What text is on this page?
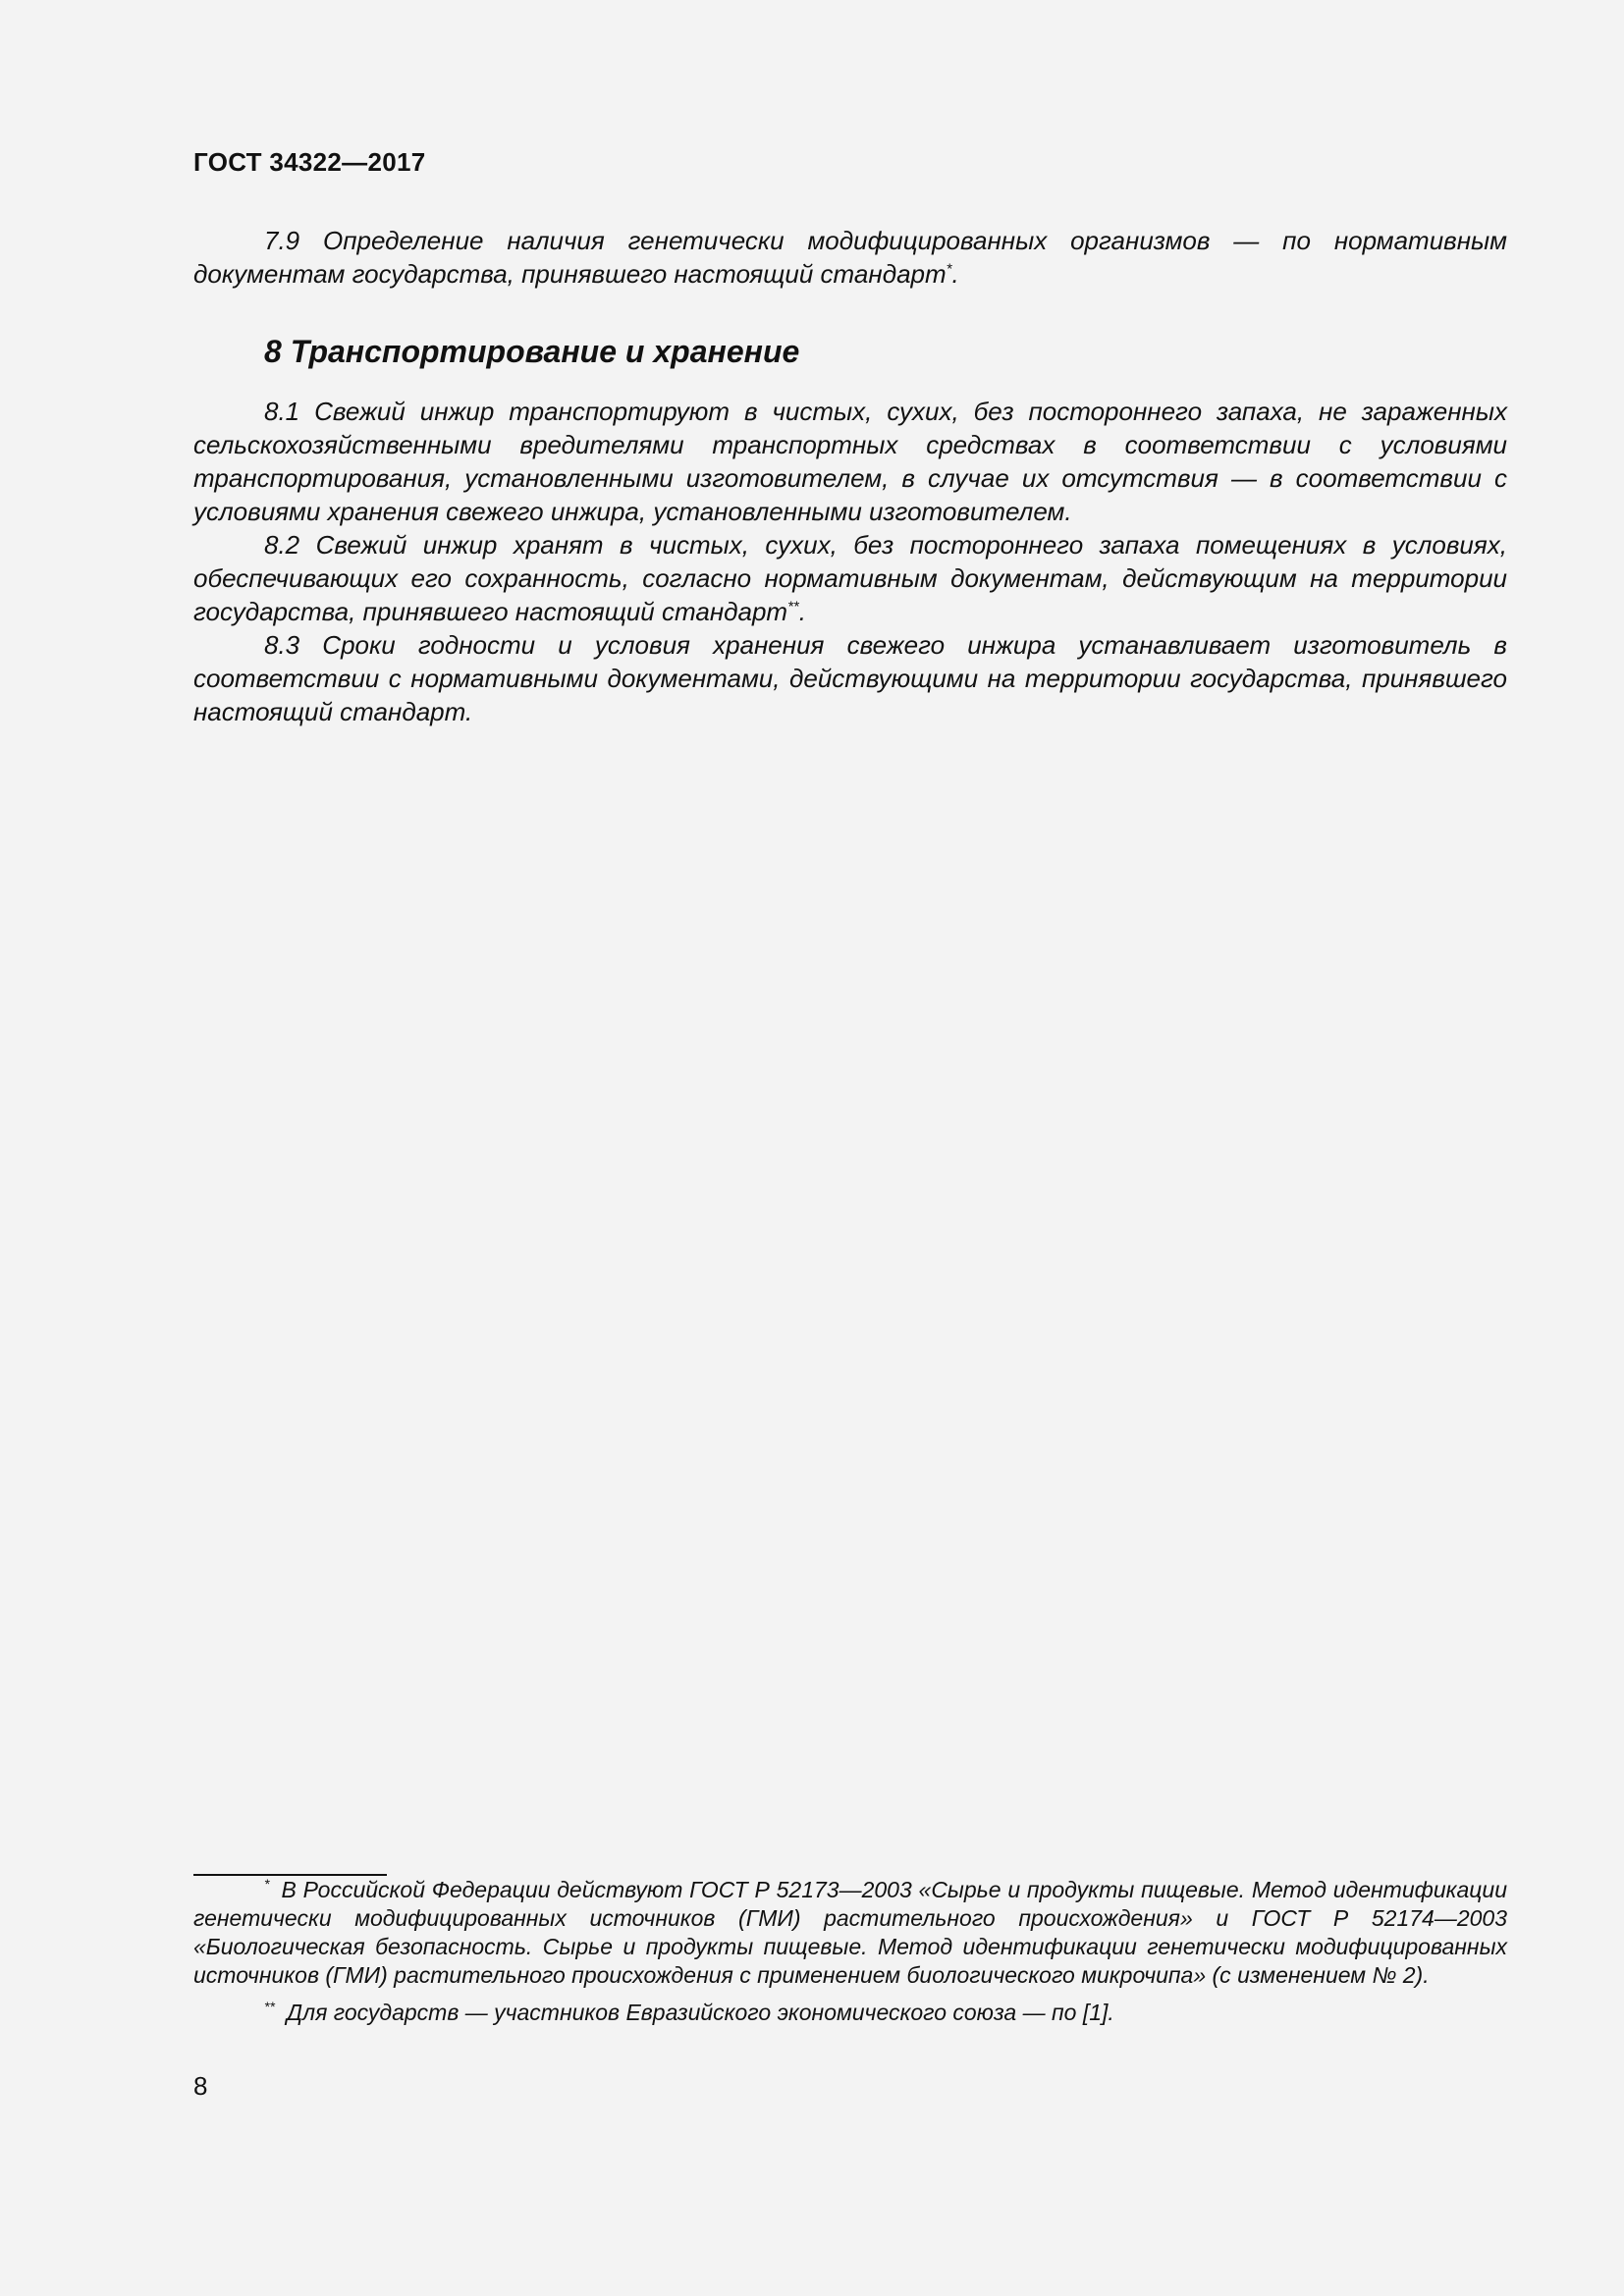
ГОСТ 34322—2017

7.9 Определение наличия генетически модифицированных организмов — по нормативным документам государства, принявшего настоящий стандарт*.

8 Транспортирование и хранение

8.1 Свежий инжир транспортируют в чистых, сухих, без постороннего запаха, не зараженных сельскохозяйственными вредителями транспортных средствах в соответствии с условиями транспортирования, установленными изготовителем, в случае их отсутствия — в соответствии с условиями хранения свежего инжира, установленными изготовителем.

8.2 Свежий инжир хранят в чистых, сухих, без постороннего запаха помещениях в условиях, обеспечивающих его сохранность, согласно нормативным документам, действующим на территории государства, принявшего настоящий стандарт**.

8.3 Сроки годности и условия хранения свежего инжира устанавливает изготовитель в соответствии с нормативными документами, действующими на территории государства, принявшего настоящий стандарт.

* В Российской Федерации действуют ГОСТ Р 52173—2003 «Сырье и продукты пищевые. Метод идентификации генетически модифицированных источников (ГМИ) растительного происхождения» и ГОСТ Р 52174—2003 «Биологическая безопасность. Сырье и продукты пищевые. Метод идентификации генетически модифицированных источников (ГМИ) растительного происхождения с применением биологического микрочипа» (с изменением № 2).

** Для государств — участников Евразийского экономического союза — по [1].

8
